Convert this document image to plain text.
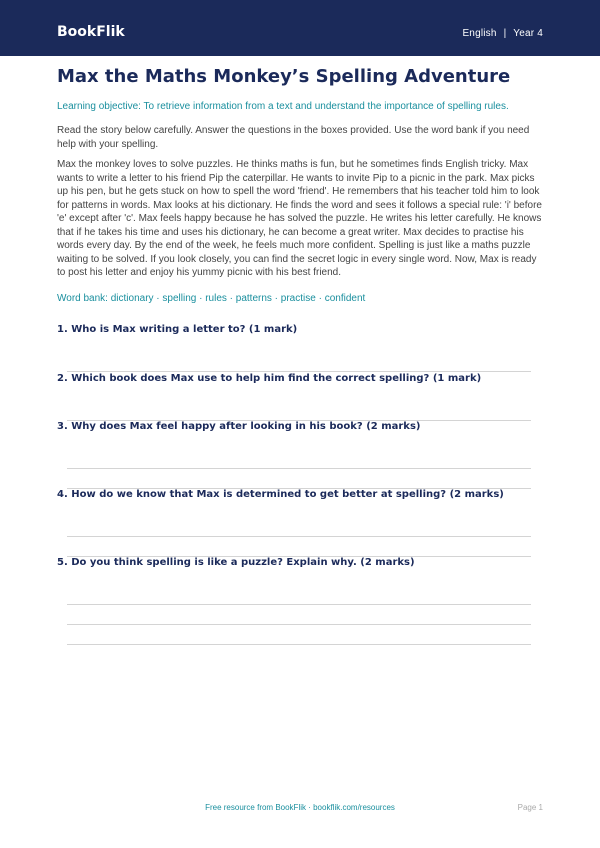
BookFlik	English | Year 4
Max the Maths Monkey’s Spelling Adventure

Learning objective: To retrieve information from a text and understand the importance of spelling rules.

Read the story below carefully. Answer the questions in the boxes provided. Use the word bank if you need help with your spelling.

Max the monkey loves to solve puzzles. He thinks maths is fun, but he sometimes finds English tricky. Max wants to write a letter to his friend Pip the caterpillar. He wants to invite Pip to a picnic in the park. Max picks up his pen, but he gets stuck on how to spell the word 'friend'. He remembers that his teacher told him to look for patterns in words. Max looks at his dictionary. He finds the word and sees it follows a special rule: 'i' before 'e' except after 'c'. Max feels happy because he has solved the puzzle. He writes his letter carefully. He knows that if he takes his time and uses his dictionary, he can become a great writer. Max decides to practise his words every day. By the end of the week, he feels much more confident. Spelling is just like a maths puzzle waiting to be solved. If you look closely, you can find the secret logic in every single word. Now, Max is ready to post his letter and enjoy his yummy picnic with his best friend.

Word bank: dictionary · spelling · rules · patterns · practise · confident

1. Who is Max writing a letter to? (1 mark)

2. Which book does Max use to help him find the correct spelling? (1 mark)

3. Why does Max feel happy after looking in his book? (2 marks)

4. How do we know that Max is determined to get better at spelling? (2 marks)

5. Do you think spelling is like a puzzle? Explain why. (2 marks)

Free resource from BookFlik · bookflik.com/resources	Page 1
